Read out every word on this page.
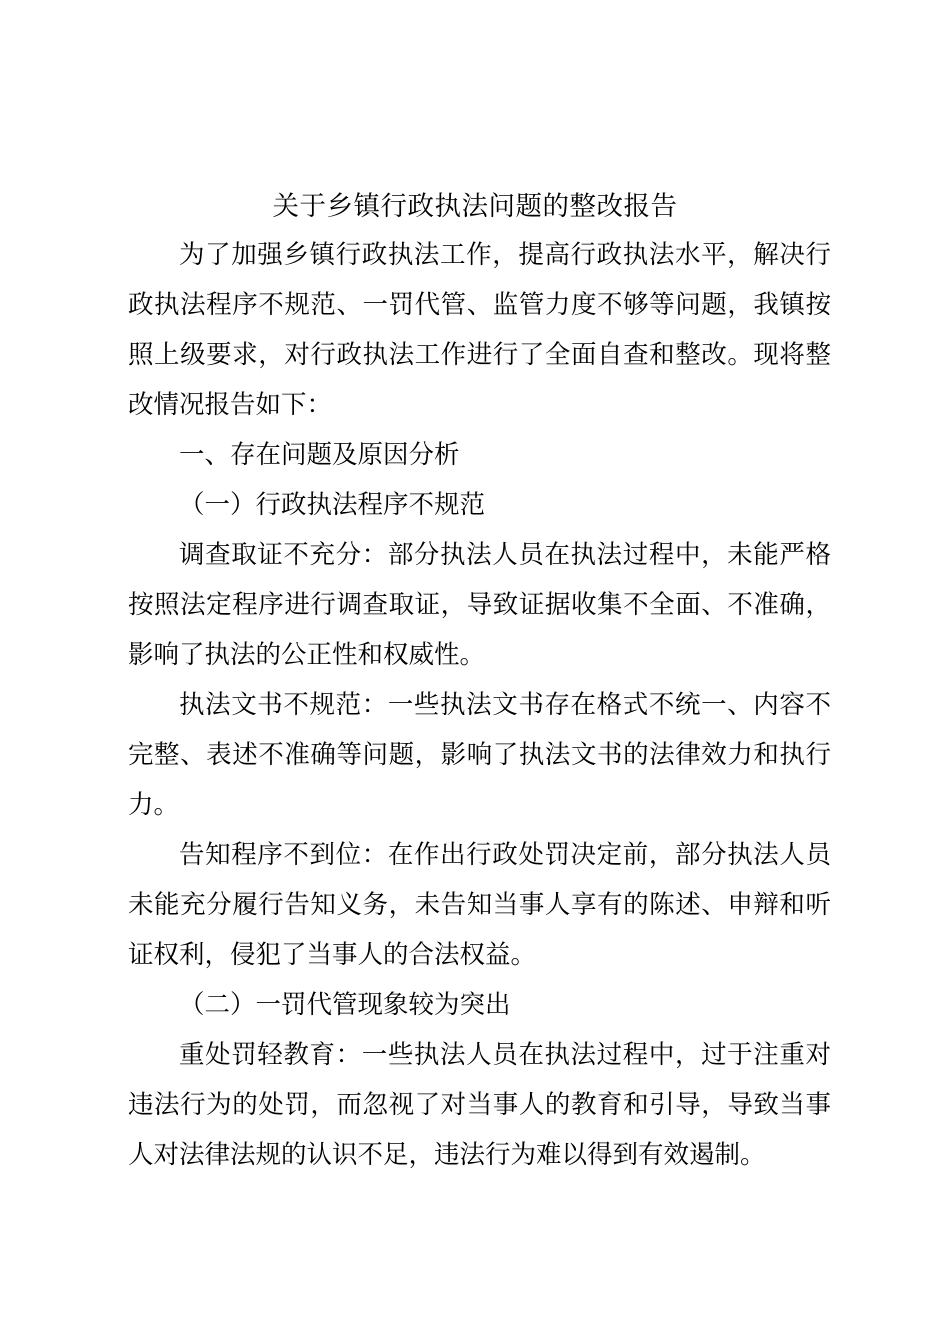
关于乡镇行政执法问题的整改报告

为了加强乡镇行政执法工作，提高行政执法水平，解决行政执法程序不规范、一罚代管、监管力度不够等问题，我镇按照上级要求，对行政执法工作进行了全面自查和整改。现将整改情况报告如下：

一、存在问题及原因分析

（一）行政执法程序不规范

调查取证不充分：部分执法人员在执法过程中，未能严格按照法定程序进行调查取证，导致证据收集不全面、不准确，影响了执法的公正性和权威性。

执法文书不规范：一些执法文书存在格式不统一、内容不完整、表述不准确等问题，影响了执法文书的法律效力和执行力。

告知程序不到位：在作出行政处罚决定前，部分执法人员未能充分履行告知义务，未告知当事人享有的陈述、申辩和听证权利，侵犯了当事人的合法权益。

（二）一罚代管现象较为突出

重处罚轻教育：一些执法人员在执法过程中，过于注重对违法行为的处罚，而忽视了对当事人的教育和引导，导致当事人对法律法规的认识不足，违法行为难以得到有效遏制。
